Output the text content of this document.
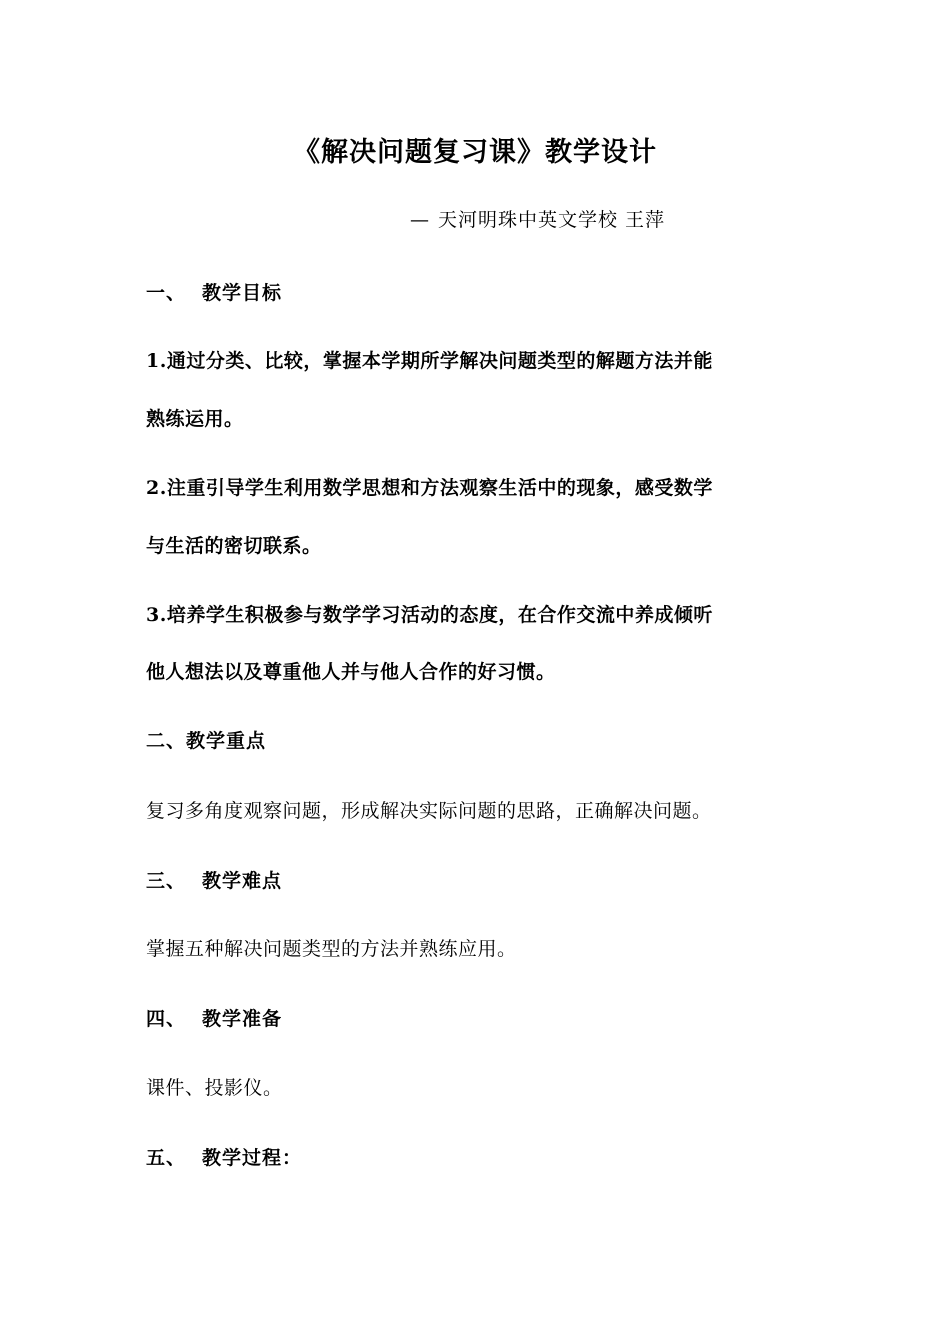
《解决问题复习课》教学设计

— 天河明珠中英文学校 王萍

一、 教学目标

1.通过分类、比较，掌握本学期所学解决问题类型的解题方法并能

熟练运用。

2.注重引导学生利用数学思想和方法观察生活中的现象，感受数学

与生活的密切联系。

3.培养学生积极参与数学学习活动的态度，在合作交流中养成倾听

他人想法以及尊重他人并与他人合作的好习惯。

二、教学重点

复习多角度观察问题，形成解决实际问题的思路，正确解决问题。

三、 教学难点

掌握五种解决问题类型的方法并熟练应用。

四、 教学准备

课件、投影仪。

五、 教学过程：
